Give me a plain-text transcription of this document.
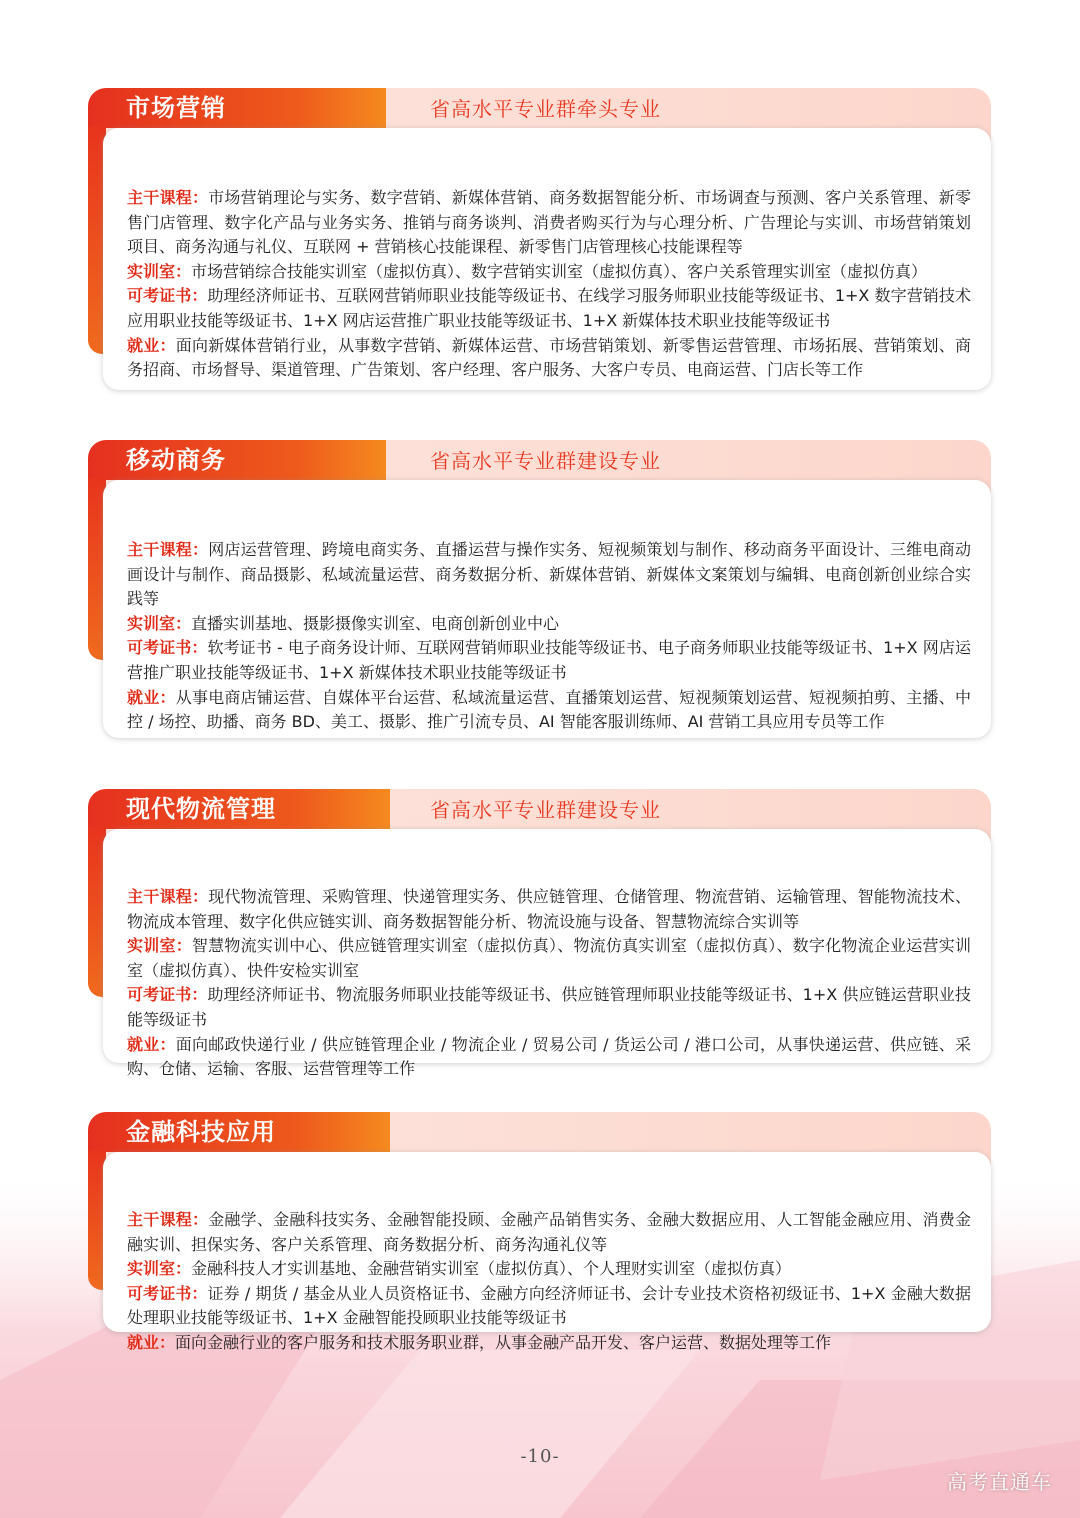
市场营销	省高水平专业群牵头专业

主干课程：市场营销理论与实务、数字营销、新媒体营销、商务数据智能分析、市场调查与预测、客户关系管理、新零售门店管理、数字化产品与业务实务、推销与商务谈判、消费者购买行为与心理分析、广告理论与实训、市场营销策划项目、商务沟通与礼仪、互联网 + 营销核心技能课程、新零售门店管理核心技能课程等

实训室：市场营销综合技能实训室（虚拟仿真）、数字营销实训室（虚拟仿真）、客户关系管理实训室（虚拟仿真）

可考证书：助理经济师证书、互联网营销师职业技能等级证书、在线学习服务师职业技能等级证书、1+X 数字营销技术应用职业技能等级证书、1+X 网店运营推广职业技能等级证书、1+X 新媒体技术职业技能等级证书

就业：面向新媒体营销行业，从事数字营销、新媒体运营、市场营销策划、新零售运营管理、市场拓展、营销策划、商务招商、市场督导、渠道管理、广告策划、客户经理、客户服务、大客户专员、电商运营、门店长等工作

移动商务	省高水平专业群建设专业

主干课程：网店运营管理、跨境电商实务、直播运营与操作实务、短视频策划与制作、移动商务平面设计、三维电商动画设计与制作、商品摄影、私域流量运营、商务数据分析、新媒体营销、新媒体文案策划与编辑、电商创新创业综合实践等

实训室：直播实训基地、摄影摄像实训室、电商创新创业中心

可考证书：软考证书 - 电子商务设计师、互联网营销师职业技能等级证书、电子商务师职业技能等级证书、1+X 网店运营推广职业技能等级证书、1+X 新媒体技术职业技能等级证书

就业：从事电商店铺运营、自媒体平台运营、私域流量运营、直播策划运营、短视频策划运营、短视频拍剪、主播、中控 / 场控、助播、商务 BD、美工、摄影、推广引流专员、AI 智能客服训练师、AI 营销工具应用专员等工作

现代物流管理	省高水平专业群建设专业

主干课程：现代物流管理、采购管理、快递管理实务、供应链管理、仓储管理、物流营销、运输管理、智能物流技术、物流成本管理、数字化供应链实训、商务数据智能分析、物流设施与设备、智慧物流综合实训等

实训室：智慧物流实训中心、供应链管理实训室（虚拟仿真）、物流仿真实训室（虚拟仿真）、数字化物流企业运营实训室（虚拟仿真）、快件安检实训室

可考证书：助理经济师证书、物流服务师职业技能等级证书、供应链管理师职业技能等级证书、1+X 供应链运营职业技能等级证书

就业：面向邮政快递行业 / 供应链管理企业 / 物流企业 / 贸易公司 / 货运公司 / 港口公司，从事快递运营、供应链、采购、仓储、运输、客服、运营管理等工作

金融科技应用

主干课程：金融学、金融科技实务、金融智能投顾、金融产品销售实务、金融大数据应用、人工智能金融应用、消费金融实训、担保实务、客户关系管理、商务数据分析、商务沟通礼仪等

实训室：金融科技人才实训基地、金融营销实训室（虚拟仿真）、个人理财实训室（虚拟仿真）

可考证书：证券 / 期货 / 基金从业人员资格证书、金融方向经济师证书、会计专业技术资格初级证书、1+X 金融大数据处理职业技能等级证书、1+X 金融智能投顾职业技能等级证书

就业：面向金融行业的客户服务和技术服务职业群，从事金融产品开发、客户运营、数据处理等工作

-10-
高考直通车
